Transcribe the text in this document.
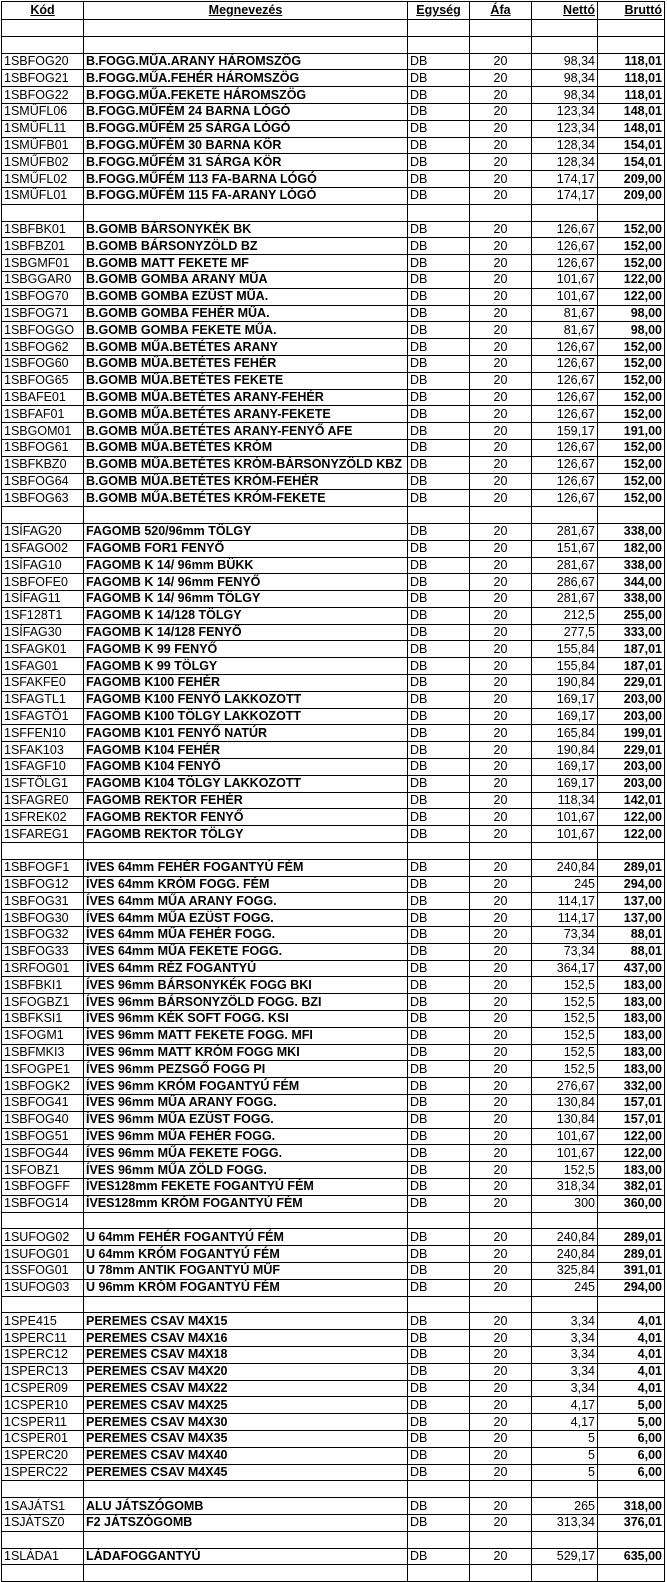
Kód	Megnevezés	Egység	Áfa	Nettó	Bruttó

1SBFOG20	B.FOGG.MŰA.ARANY HÁROMSZÖG	DB	20	98,34	118,01
1SBFOG21	B.FOGG.MŰA.FEHÉR HÁROMSZÖG	DB	20	98,34	118,01
1SBFOG22	B.FOGG.MŰA.FEKETE HÁROMSZÖG	DB	20	98,34	118,01
1SMŰFL06	B.FOGG.MŰFÉM 24 BARNA LÓGÓ	DB	20	123,34	148,01
1SMŰFL11	B.FOGG.MŰFÉM 25 SÁRGA LÓGÓ	DB	20	123,34	148,01
1SMŰFB01	B.FOGG.MŰFÉM 30 BARNA KÖR	DB	20	128,34	154,01
1SMŰFB02	B.FOGG.MŰFÉM 31 SÁRGA KÖR	DB	20	128,34	154,01
1SMŰFL02	B.FOGG.MŰFÉM 113 FA-BARNA LÓGÓ	DB	20	174,17	209,00
1SMŰFL01	B.FOGG.MŰFÉM 115 FA-ARANY LÓGÓ	DB	20	174,17	209,00

1SBFBK01	B.GOMB BÁRSONYKÉK BK	DB	20	126,67	152,00
1SBFBZ01	B.GOMB BÁRSONYZÖLD BZ	DB	20	126,67	152,00
1SBGMF01	B.GOMB MATT FEKETE MF	DB	20	126,67	152,00
1SBGGAR0	B.GOMB GOMBA ARANY MŰA	DB	20	101,67	122,00
1SBFOG70	B.GOMB GOMBA EZÜST MŰA.	DB	20	101,67	122,00
1SBFOG71	B.GOMB GOMBA FEHÉR MŰA.	DB	20	81,67	98,00
1SBFOGGO	B.GOMB GOMBA FEKETE MŰA.	DB	20	81,67	98,00
1SBFOG62	B.GOMB MŰA.BETÉTES ARANY	DB	20	126,67	152,00
1SBFOG60	B.GOMB MŰA.BETÉTES FEHÉR	DB	20	126,67	152,00
1SBFOG65	B.GOMB MŰA.BETÉTES FEKETE	DB	20	126,67	152,00
1SBAFE01	B.GOMB MŰA.BETÉTES ARANY-FEHÉR	DB	20	126,67	152,00
1SBFAF01	B.GOMB MŰA.BETÉTES ARANY-FEKETE	DB	20	126,67	152,00
1SBGOM01	B.GOMB MŰA.BETÉTES ARANY-FENYŐ AFE	DB	20	159,17	191,00
1SBFOG61	B.GOMB MŰA.BETÉTES KRÓM	DB	20	126,67	152,00
1SBFKBZ0	B.GOMB MŰA.BETÉTES KRÓM-BÁRSONYZÖLD KBZ	DB	20	126,67	152,00
1SBFOG64	B.GOMB MŰA.BETÉTES KRÓM-FEHÉR	DB	20	126,67	152,00
1SBFOG63	B.GOMB MŰA.BETÉTES KRÓM-FEKETE	DB	20	126,67	152,00

1SÍFAG20	FAGOMB 520/96mm TÖLGY	DB	20	281,67	338,00
1SFAGO02	FAGOMB FOR1 FENYŐ	DB	20	151,67	182,00
1SÍFAG10	FAGOMB K 14/ 96mm BÜKK	DB	20	281,67	338,00
1SBFOFE0	FAGOMB K 14/ 96mm FENYŐ	DB	20	286,67	344,00
1SÍFAG11	FAGOMB K 14/ 96mm TÖLGY	DB	20	281,67	338,00
1SF128T1	FAGOMB K 14/128 TÖLGY	DB	20	212,5	255,00
1SÍFAG30	FAGOMB K 14/128 FENYŐ	DB	20	277,5	333,00
1SFAGK01	FAGOMB K 99 FENYŐ	DB	20	155,84	187,01
1SFAG01	FAGOMB K 99 TÖLGY	DB	20	155,84	187,01
1SFAKFE0	FAGOMB K100 FEHÉR	DB	20	190,84	229,01
1SFAGTL1	FAGOMB K100 FENYŐ LAKKOZOTT	DB	20	169,17	203,00
1SFAGTÖ1	FAGOMB K100 TÖLGY LAKKOZOTT	DB	20	169,17	203,00
1SFFEN10	FAGOMB K101 FENYŐ NATÚR	DB	20	165,84	199,01
1SFAK103	FAGOMB K104 FEHÉR	DB	20	190,84	229,01
1SFAGF10	FAGOMB K104 FENYŐ	DB	20	169,17	203,00
1SFTÖLG1	FAGOMB K104 TÖLGY LAKKOZOTT	DB	20	169,17	203,00
1SFAGRE0	FAGOMB REKTOR FEHÉR	DB	20	118,34	142,01
1SFREK02	FAGOMB REKTOR FENYŐ	DB	20	101,67	122,00
1SFAREG1	FAGOMB REKTOR TÖLGY	DB	20	101,67	122,00

1SBFOGF1	ÍVES 64mm FEHÉR FOGANTYÚ FÉM	DB	20	240,84	289,01
1SBFOG12	ÍVES 64mm KRÓM FOGG. FÉM	DB	20	245	294,00
1SBFOG31	ÍVES 64mm MŰA ARANY FOGG.	DB	20	114,17	137,00
1SBFOG30	ÍVES 64mm MŰA EZÜST FOGG.	DB	20	114,17	137,00
1SBFOG32	ÍVES 64mm MŰA FEHÉR FOGG.	DB	20	73,34	88,01
1SBFOG33	ÍVES 64mm MŰA FEKETE FOGG.	DB	20	73,34	88,01
1SRFOG01	ÍVES 64mm RÉZ FOGANTYÚ	DB	20	364,17	437,00
1SBFBKI1	ÍVES 96mm BÁRSONYKÉK FOGG BKI	DB	20	152,5	183,00
1SFOGBZ1	ÍVES 96mm BÁRSONYZÖLD FOGG. BZI	DB	20	152,5	183,00
1SBFKSI1	ÍVES 96mm KÉK SOFT FOGG. KSI	DB	20	152,5	183,00
1SFOGM1	ÍVES 96mm MATT FEKETE FOGG. MFI	DB	20	152,5	183,00
1SBFMKI3	ÍVES 96mm MATT KRÓM FOGG MKI	DB	20	152,5	183,00
1SFOGPE1	ÍVES 96mm PEZSGŐ FOGG PI	DB	20	152,5	183,00
1SBFOGK2	ÍVES 96mm KRÓM FOGANTYÚ FÉM	DB	20	276,67	332,00
1SBFOG41	ÍVES 96mm MŰA ARANY FOGG.	DB	20	130,84	157,01
1SBFOG40	ÍVES 96mm MŰA EZÜST FOGG.	DB	20	130,84	157,01
1SBFOG51	ÍVES 96mm MŰA FEHÉR FOGG.	DB	20	101,67	122,00
1SBFOG44	ÍVES 96mm MŰA FEKETE FOGG.	DB	20	101,67	122,00
1SFOBZ1	ÍVES 96mm MŰA ZÖLD FOGG.	DB	20	152,5	183,00
1SBFOGFF	ÍVES128mm FEKETE FOGANTYÚ FÉM	DB	20	318,34	382,01
1SBFOG14	ÍVES128mm KRÓM FOGANTYÚ FÉM	DB	20	300	360,00

1SUFOG02	U 64mm FEHÉR FOGANTYÚ FÉM	DB	20	240,84	289,01
1SUFOG01	U 64mm KRÓM FOGANTYÚ FÉM	DB	20	240,84	289,01
1SSFOG01	U 78mm ANTIK FOGANTYÚ MŰF	DB	20	325,84	391,01
1SUFOG03	U 96mm KRÓM FOGANTYÚ FÉM	DB	20	245	294,00

1SPE415	PEREMES CSAV M4X15	DB	20	3,34	4,01
1SPERC11	PEREMES CSAV M4X16	DB	20	3,34	4,01
1SPERC12	PEREMES CSAV M4X18	DB	20	3,34	4,01
1SPERC13	PEREMES CSAV M4X20	DB	20	3,34	4,01
1CSPER09	PEREMES CSAV M4X22	DB	20	3,34	4,01
1CSPER10	PEREMES CSAV M4X25	DB	20	4,17	5,00
1CSPER11	PEREMES CSAV M4X30	DB	20	4,17	5,00
1CSPER01	PEREMES CSAV M4X35	DB	20	5	6,00
1SPERC20	PEREMES CSAV M4X40	DB	20	5	6,00
1SPERC22	PEREMES CSAV M4X45	DB	20	5	6,00

1SAJÁTS1	ALU JÁTSZÓGOMB	DB	20	265	318,00
1SJÁTSZ0	F2 JÁTSZÓGOMB	DB	20	313,34	376,01

1SLÁDA1	LÁDAFOGGANTYÚ	DB	20	529,17	635,00
